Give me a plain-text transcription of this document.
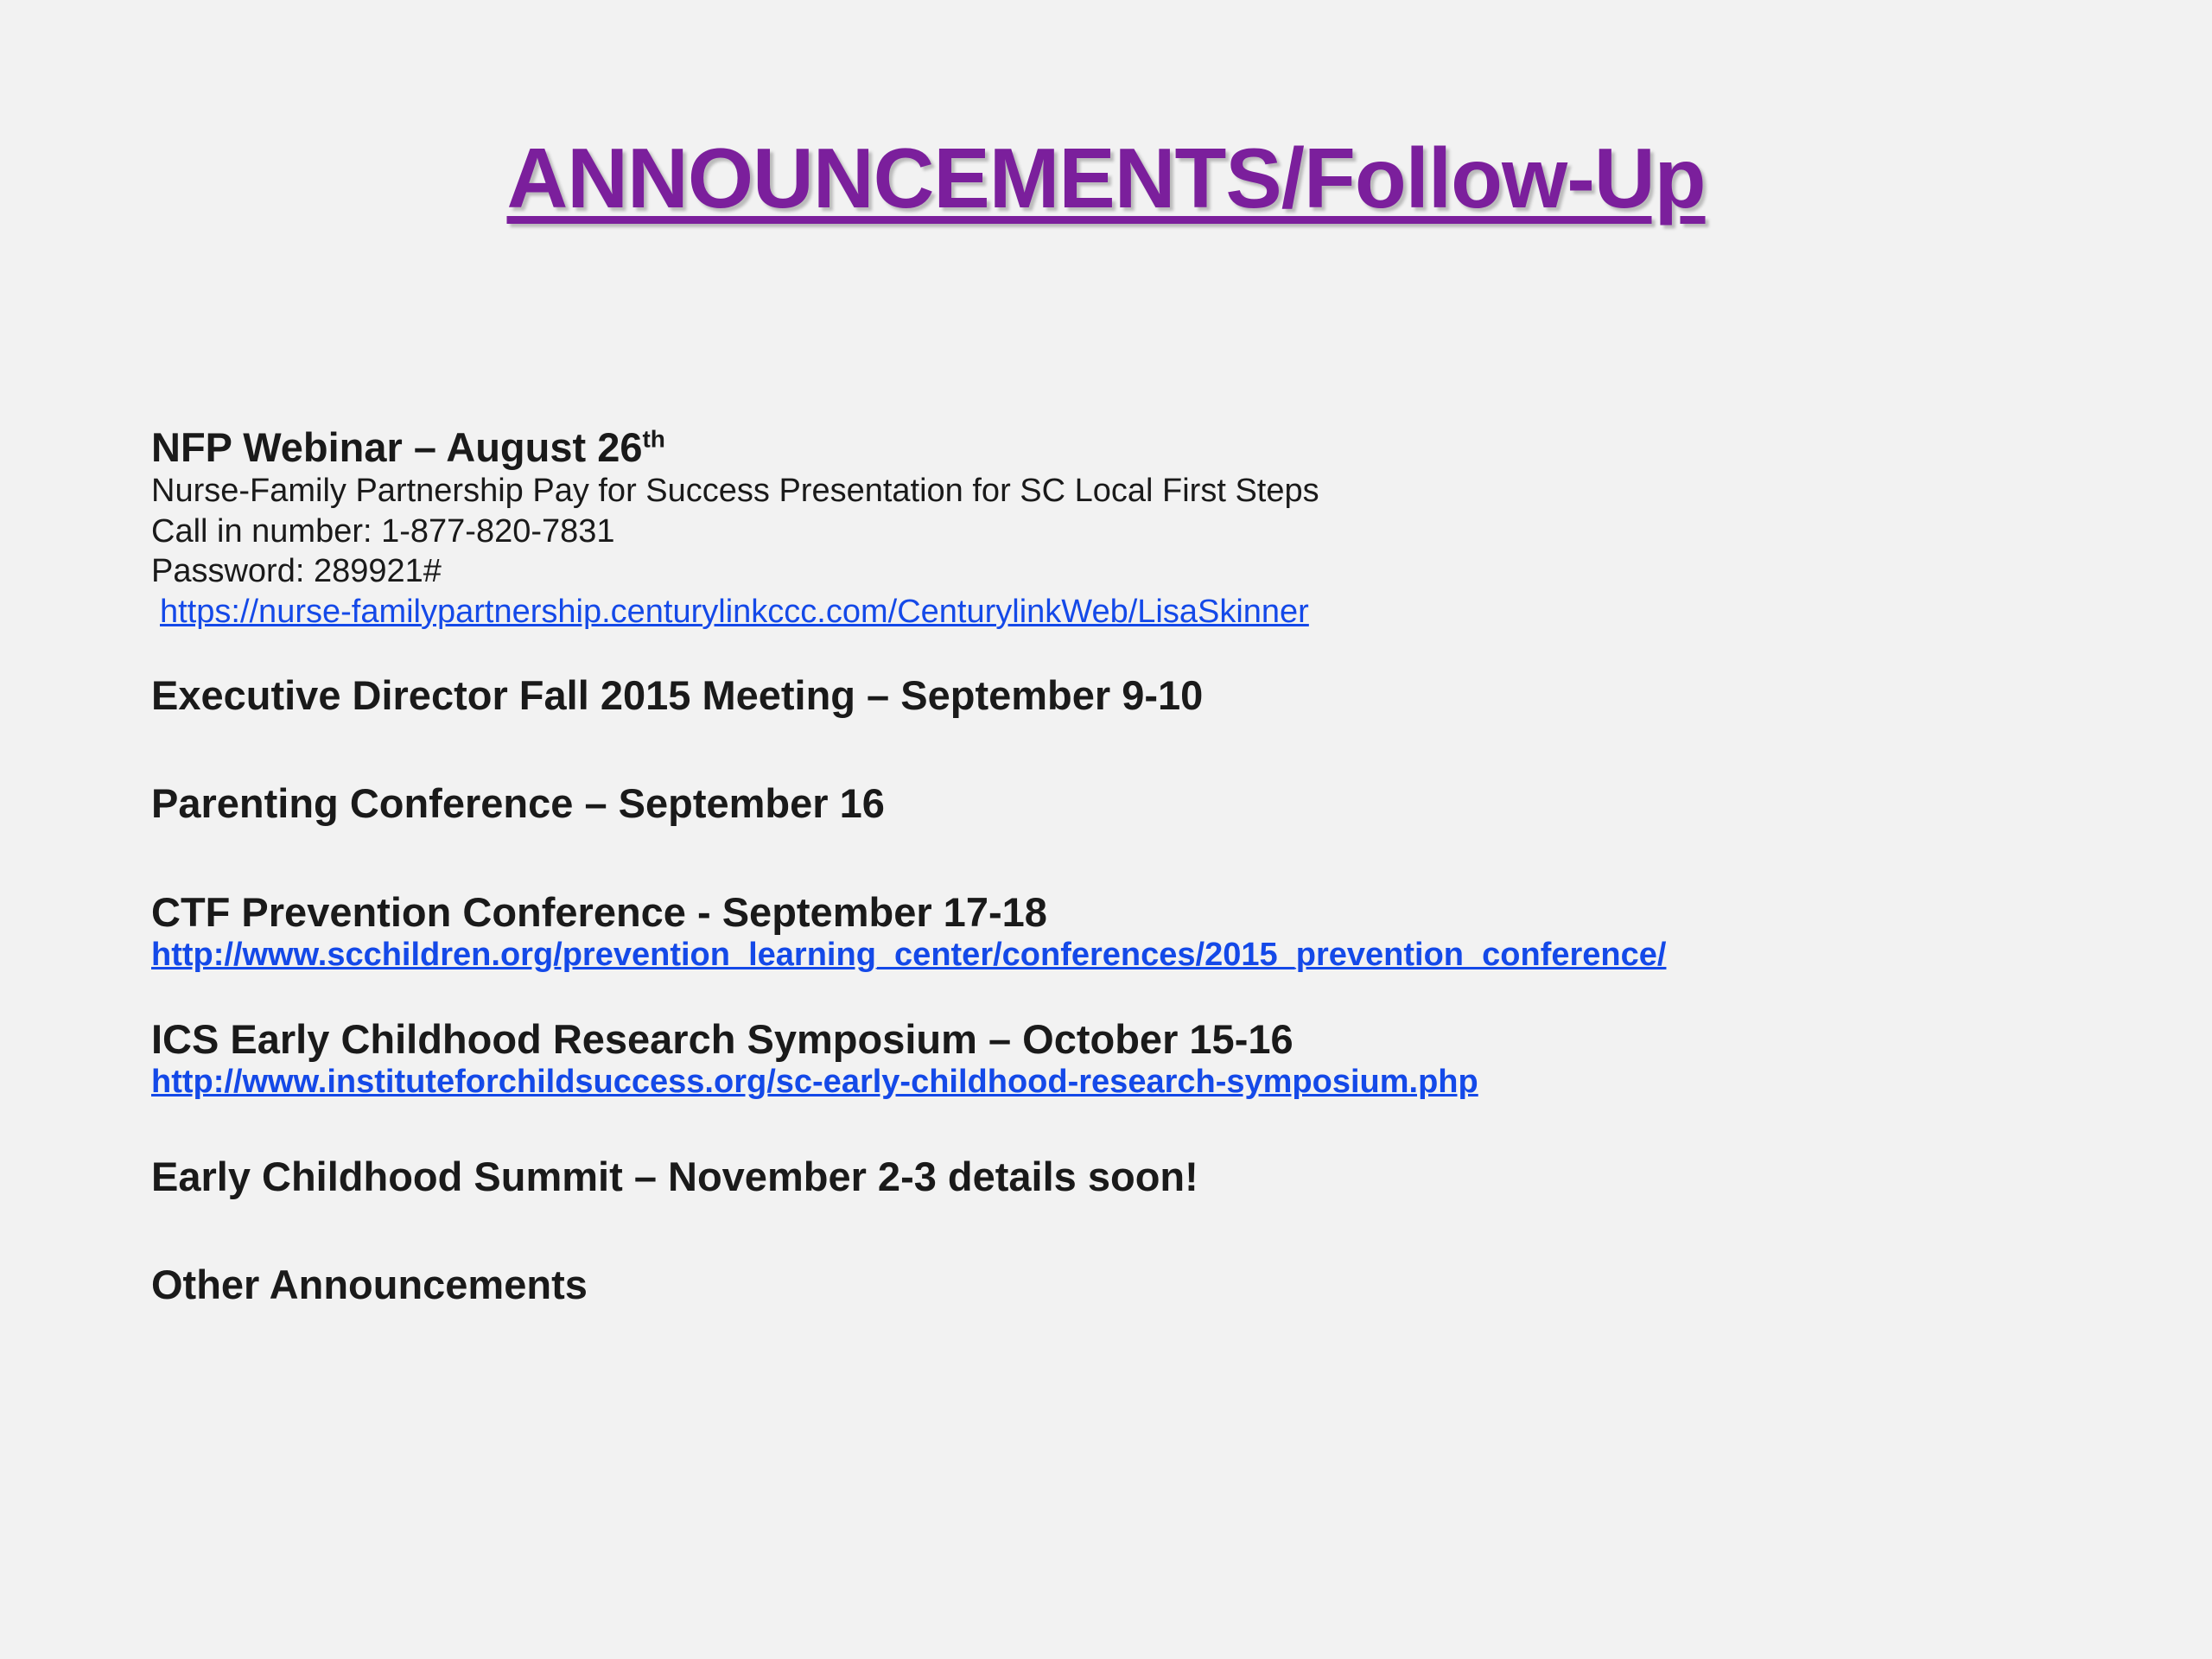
ANNOUNCEMENTS/Follow-Up

NFP Webinar – August 26th

Nurse-Family Partnership Pay for Success Presentation for SC Local First Steps

Call in number: 1-877-820-7831

Password: 289921#

https://nurse-familypartnership.centurylinkccc.com/CenturylinkWeb/LisaSkinner

Executive Director Fall 2015 Meeting – September 9-10

Parenting Conference – September 16

CTF Prevention Conference - September 17-18

http://www.scchildren.org/prevention_learning_center/conferences/2015_prevention_conference/

ICS Early Childhood Research Symposium – October 15-16

http://www.instituteforchildsuccess.org/sc-early-childhood-research-symposium.php

Early Childhood Summit – November 2-3 details soon!

Other Announcements
